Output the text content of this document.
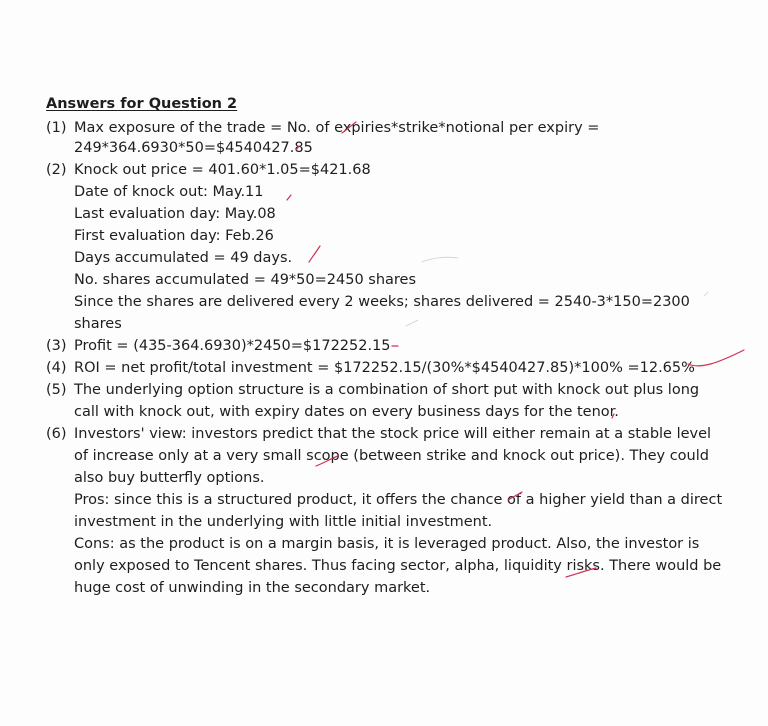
Answers for Question 2
(1) Max exposure of the trade = No. of expiries*strike*notional per expiry =
249*364.6930*50=$4540427.85
(2) Knock out price = 401.60*1.05=$421.68
Date of knock out: May.11
Last evaluation day: May.08
First evaluation day: Feb.26
Days accumulated = 49 days.
No. shares accumulated = 49*50=2450 shares
Since the shares are delivered every 2 weeks; shares delivered = 2540-3*150=2300
shares
(3) Profit = (435-364.6930)*2450=$172252.15
(4) ROI = net profit/total investment = $172252.15/(30%*$4540427.85)*100% =12.65%
(5) The underlying option structure is a combination of short put with knock out plus long
call with knock out, with expiry dates on every business days for the tenor.
(6) Investors' view: investors predict that the stock price will either remain at a stable level
of increase only at a very small scope (between strike and knock out price). They could
also buy butterfly options.
Pros: since this is a structured product, it offers the chance of a higher yield than a direct
investment in the underlying with little initial investment.
Cons: as the product is on a margin basis, it is leveraged product. Also, the investor is
only exposed to Tencent shares. Thus facing sector, alpha, liquidity risks. There would be
huge cost of unwinding in the secondary market.
